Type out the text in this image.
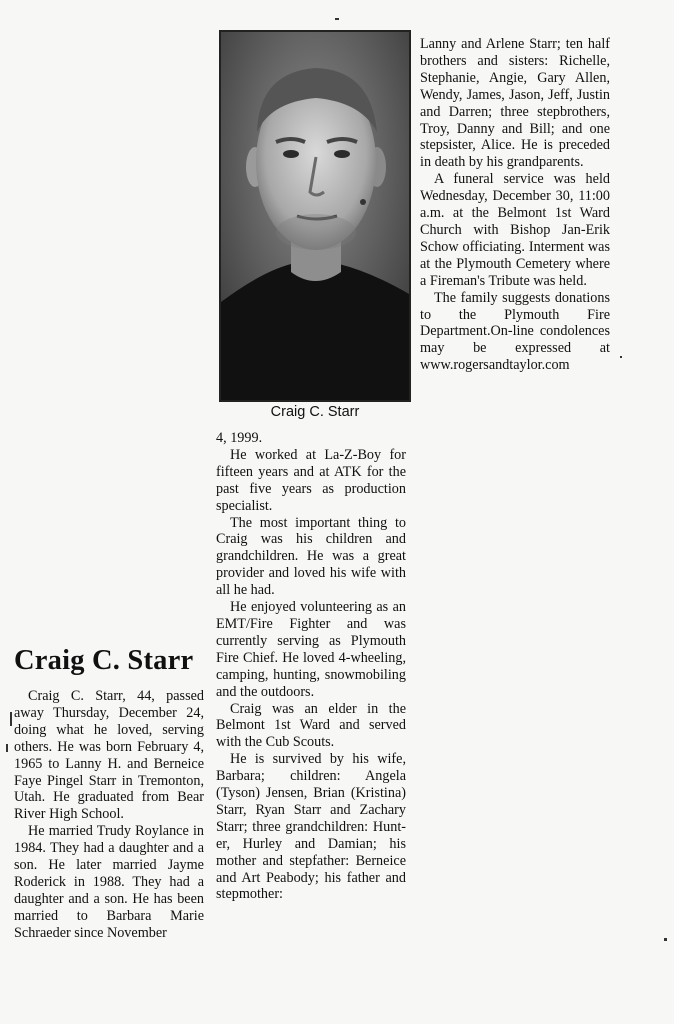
Craig C. Starr
Craig C. Starr

Craig C. Starr, 44, passed away Thursday, December 24, doing what he loved, serving others. He was born February 4, 1965 to Lanny H. and Berneice Faye Pingel Starr in Tremonton, Utah. He graduated from Bear River High School.

He married Trudy Roylance in 1984. They had a daughter and a son. He later married Jayme Roderick in 1988. They had a daughter and a son. He has been married to Barbara Marie Schraeder since November

4, 1999.

He worked at La-Z-Boy for fifteen years and at ATK for the past five years as production specialist.

The most important thing to Craig was his children and grandchildren. He was a great provider and loved his wife with all he had.

He enjoyed volunteering as an EMT/Fire Fighter and was currently serving as Plymouth Fire Chief. He loved 4-wheeling, camping, hunting, snowmobiling and the outdoors.

Craig was an elder in the Belmont 1st Ward and served with the Cub Scouts.

He is survived by his wife, Barbara; children: Angela (Tyson) Jensen, Brian (Kristina) Starr, Ryan Starr and Zachary Starr; three grandchildren: Hunter, Hurley and Damian; his mother and stepfather: Berneice and Art Peabody; his father and stepmother:

Lanny and Arlene Starr; ten half brothers and sisters: Richelle, Stephanie, Angie, Gary Allen, Wendy, James, Jason, Jeff, Justin and Darren; three stepbrothers, Troy, Danny and Bill; and one stepsister, Alice. He is preceded in death by his grandparents.

A funeral service was held Wednesday, December 30, 11:00 a.m. at the Belmont 1st Ward Church with Bishop Jan-Erik Schow officiating. Interment was at the Plymouth Cemetery where a Fireman's Tribute was held.

The family suggests donations to the Plymouth Fire Department.On-line condolences may be expressed at www.rogersandtaylor.com
